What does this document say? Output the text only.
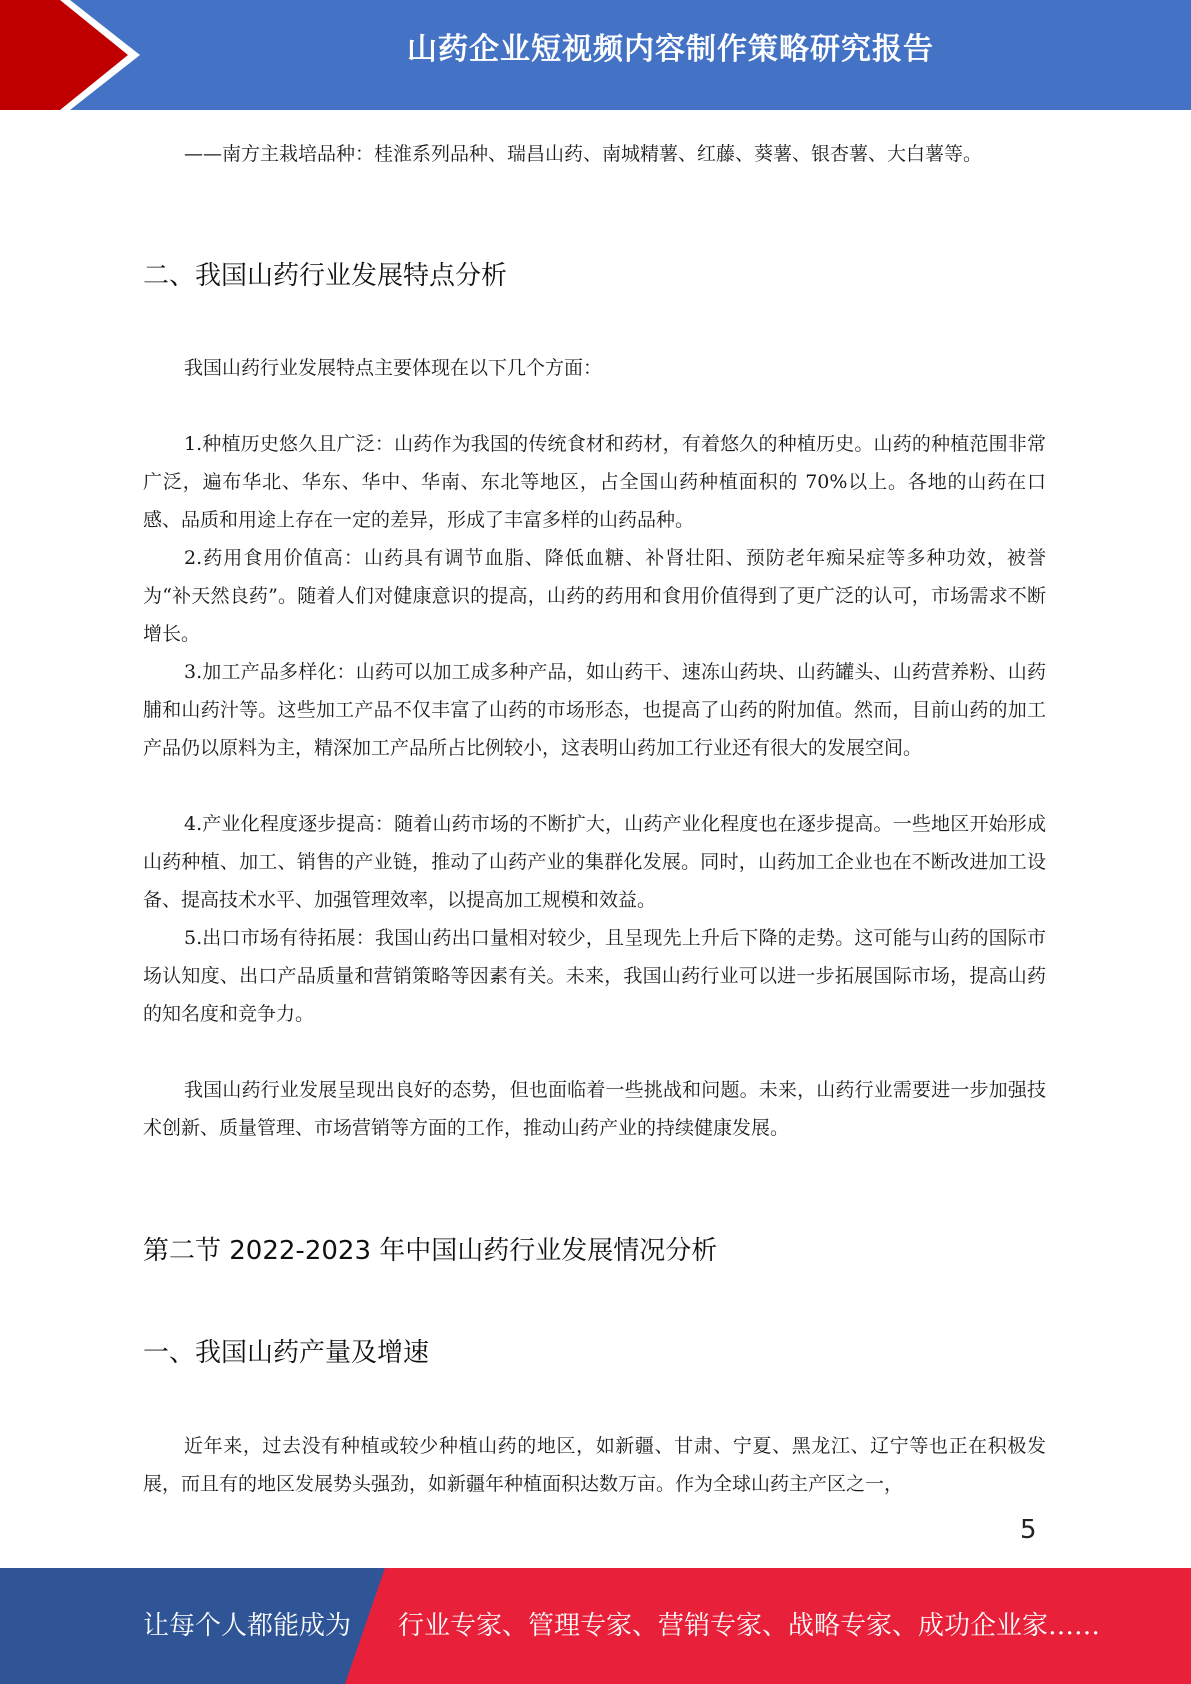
山药企业短视频内容制作策略研究报告

——南方主栽培品种：桂淮系列品种、瑞昌山药、南城精薯、红藤、葵薯、银杏薯、大白薯等。

二、我国山药行业发展特点分析

我国山药行业发展特点主要体现在以下几个方面：

1.种植历史悠久且广泛：山药作为我国的传统食材和药材，有着悠久的种植历史。山药的种植范围非常广泛，遍布华北、华东、华中、华南、东北等地区，占全国山药种植面积的 70%以上。各地的山药在口感、品质和用途上存在一定的差异，形成了丰富多样的山药品种。

2.药用食用价值高：山药具有调节血脂、降低血糖、补肾壮阳、预防老年痴呆症等多种功效，被誉为“补天然良药”。随着人们对健康意识的提高，山药的药用和食用价值得到了更广泛的认可，市场需求不断增长。

3.加工产品多样化：山药可以加工成多种产品，如山药干、速冻山药块、山药罐头、山药营养粉、山药脯和山药汁等。这些加工产品不仅丰富了山药的市场形态，也提高了山药的附加值。然而，目前山药的加工产品仍以原料为主，精深加工产品所占比例较小，这表明山药加工行业还有很大的发展空间。

4.产业化程度逐步提高：随着山药市场的不断扩大，山药产业化程度也在逐步提高。一些地区开始形成山药种植、加工、销售的产业链，推动了山药产业的集群化发展。同时，山药加工企业也在不断改进加工设备、提高技术水平、加强管理效率，以提高加工规模和效益。

5.出口市场有待拓展：我国山药出口量相对较少，且呈现先上升后下降的走势。这可能与山药的国际市场认知度、出口产品质量和营销策略等因素有关。未来，我国山药行业可以进一步拓展国际市场，提高山药的知名度和竞争力。

我国山药行业发展呈现出良好的态势，但也面临着一些挑战和问题。未来，山药行业需要进一步加强技术创新、质量管理、市场营销等方面的工作，推动山药产业的持续健康发展。

第二节 2022-2023 年中国山药行业发展情况分析
一、我国山药产量及增速

近年来，过去没有种植或较少种植山药的地区，如新疆、甘肃、宁夏、黑龙江、辽宁等也正在积极发展，而且有的地区发展势头强劲，如新疆年种植面积达数万亩。作为全球山药主产区之一，

5
让每个人都能成为 行业专家、管理专家、营销专家、战略专家、成功企业家……
